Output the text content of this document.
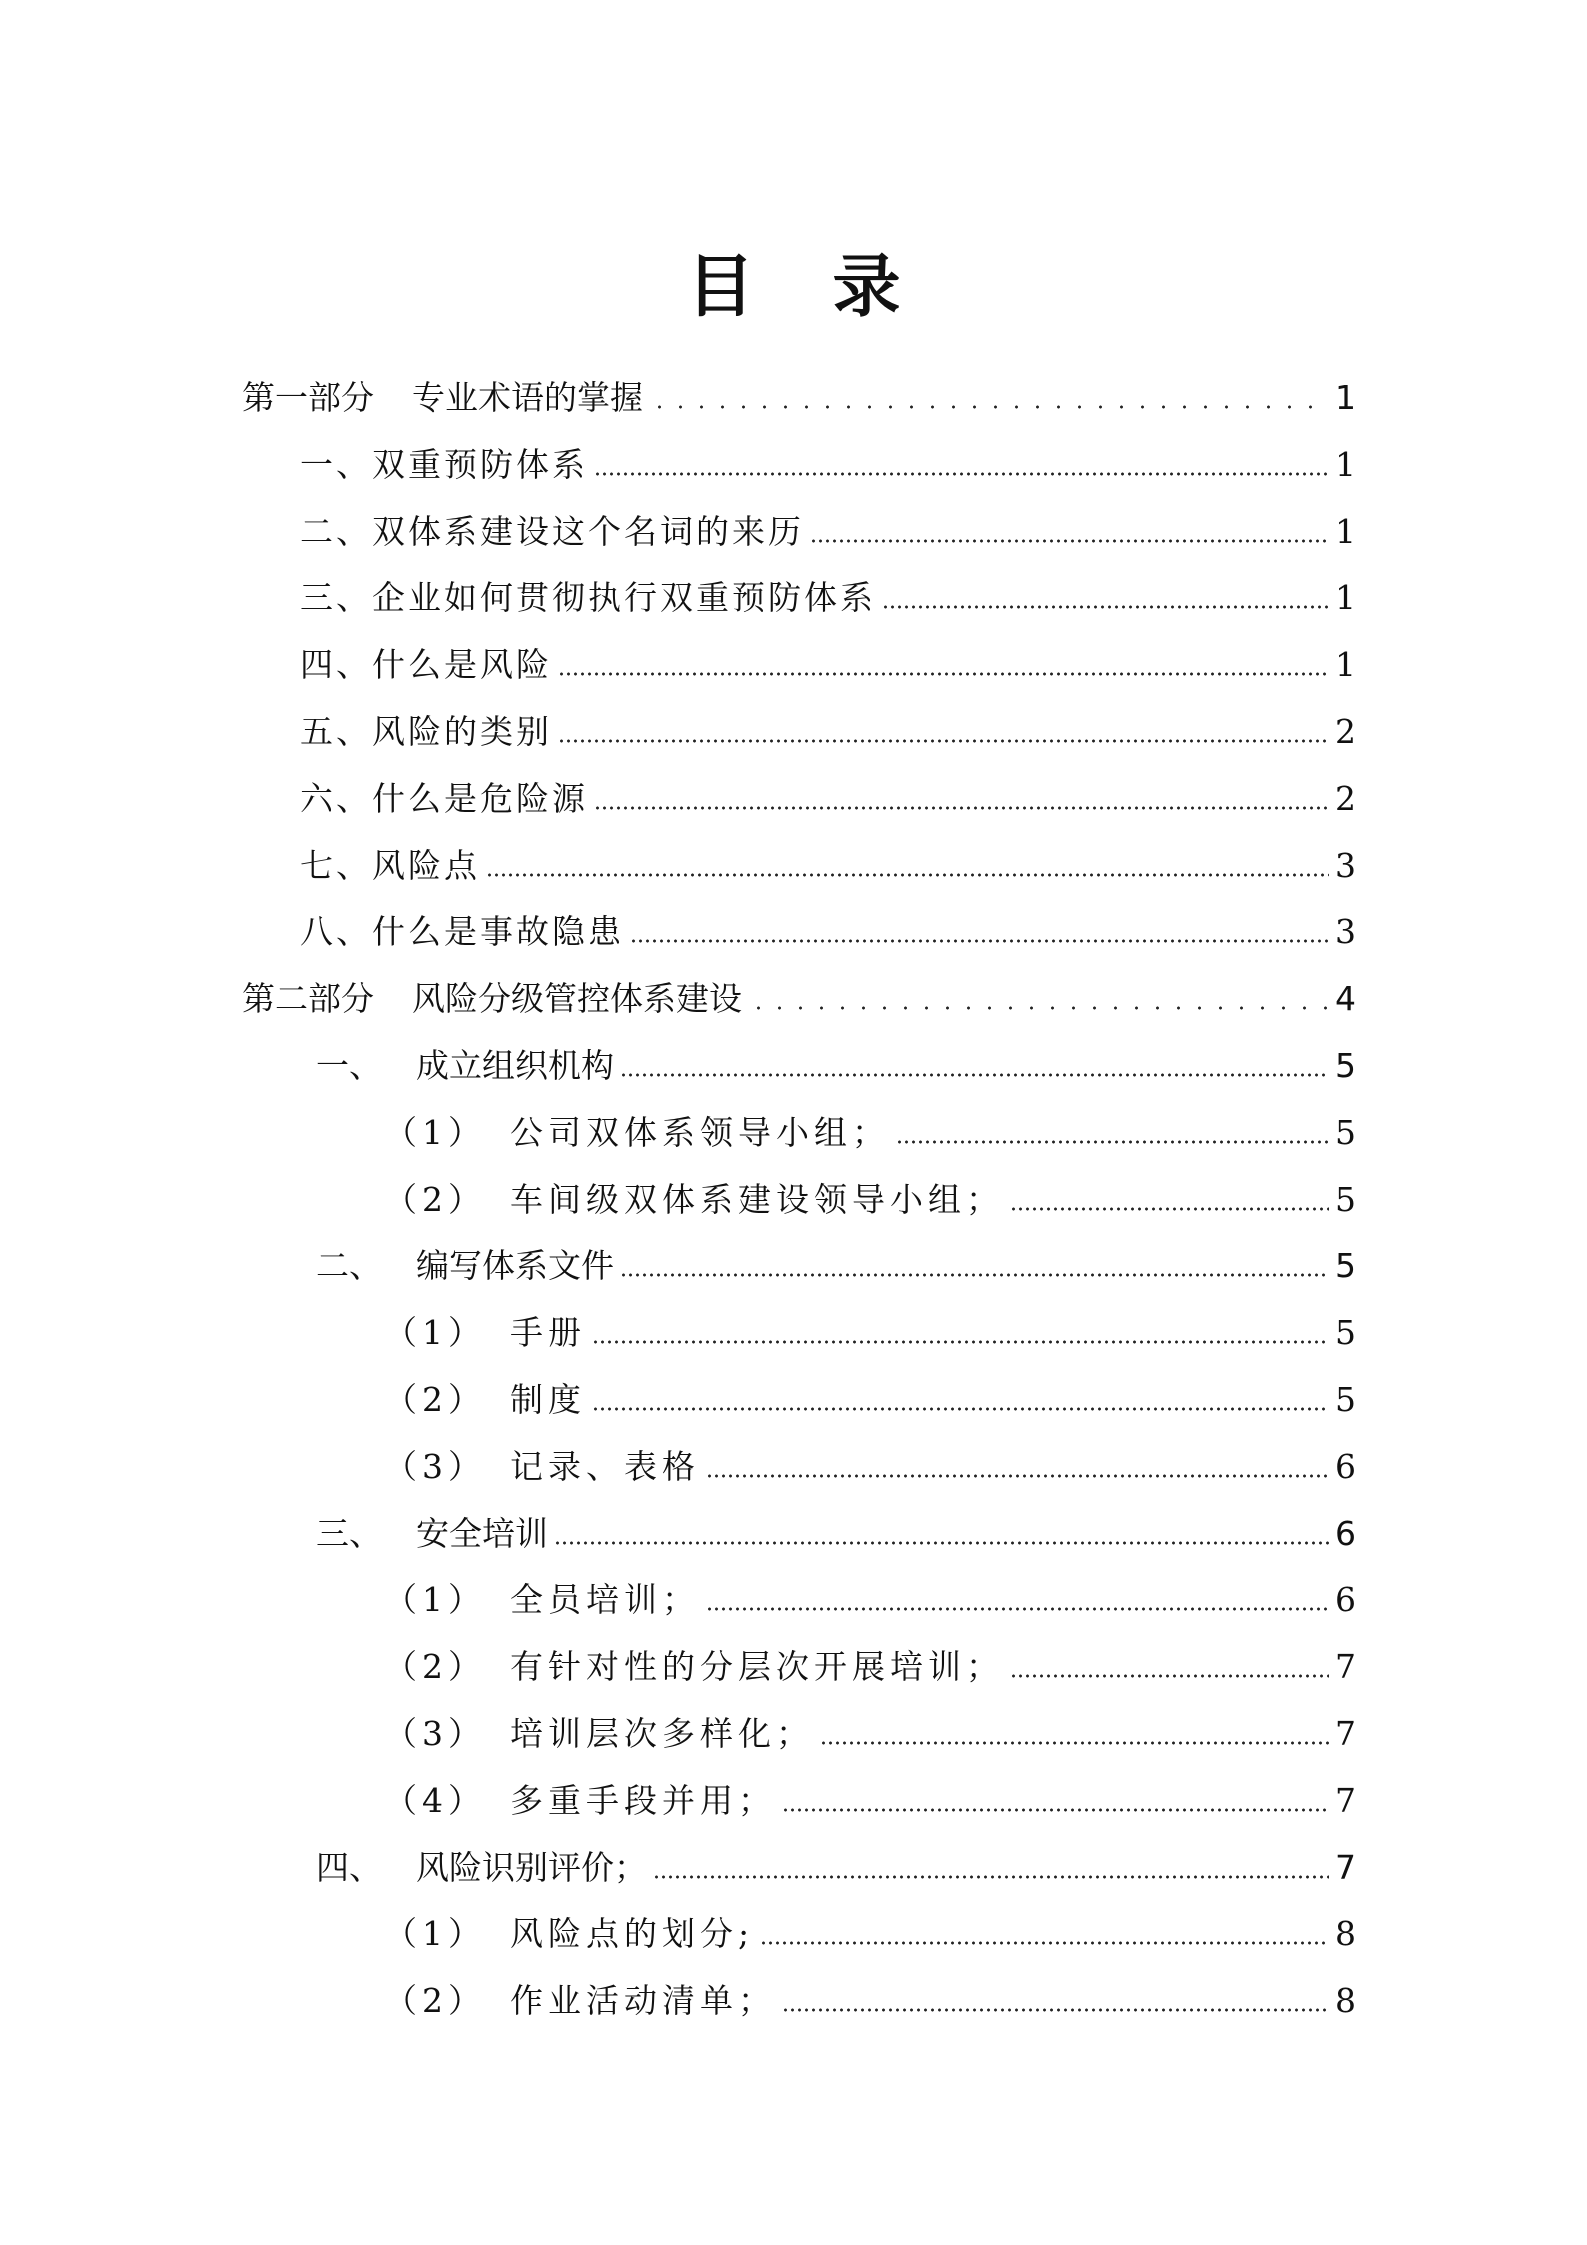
目 录
第一部分 专业术语的掌握	1
一、双重预防体系	1
二、双体系建设这个名词的来历	1
三、企业如何贯彻执行双重预防体系	1
四、什么是风险	1
五、风险的类别	2
六、什么是危险源	2
七、风险点	3
八、什么是事故隐患	3
第二部分 风险分级管控体系建设	4
一、 成立组织机构	5
（1） 公司双体系领导小组；	5
（2） 车间级双体系建设领导小组；	5
二、 编写体系文件	5
（1） 手册	5
（2） 制度	5
（3） 记录、表格	6
三、 安全培训	6
（1） 全员培训；	6
（2） 有针对性的分层次开展培训；	7
（3） 培训层次多样化；	7
（4） 多重手段并用；	7
四、 风险识别评价；	7
（1） 风险点的划分;	8
（2） 作业活动清单；	8
